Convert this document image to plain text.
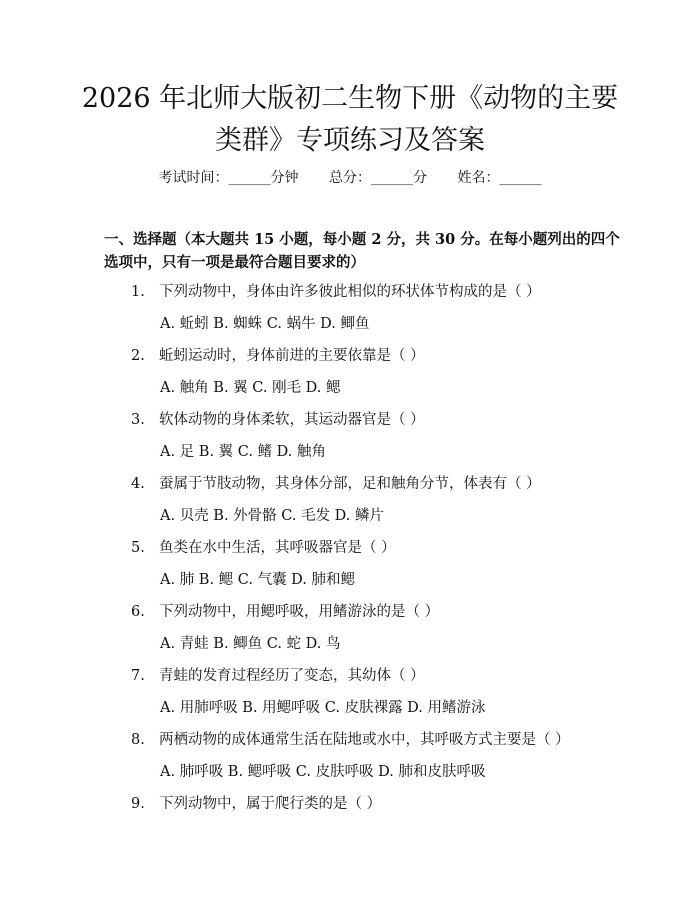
2026 年北师大版初二生物下册《动物的主要
类群》专项练习及答案
考试时间：______分钟 总分：______分 姓名：______
一、选择题（本大题共 15 小题，每小题 2 分，共 30 分。在每小题列出的四个选项中，只有一项是最符合题目要求的）
1. 下列动物中，身体由许多彼此相似的环状体节构成的是（ ）
A. 蚯蚓 B. 蜘蛛 C. 蜗牛 D. 鲫鱼
2. 蚯蚓运动时，身体前进的主要依靠是（ ）
A. 触角 B. 翼 C. 刚毛 D. 鳃
3. 软体动物的身体柔软，其运动器官是（ ）
A. 足 B. 翼 C. 鳍 D. 触角
4. 蚕属于节肢动物，其身体分部，足和触角分节，体表有（ ）
A. 贝壳 B. 外骨骼 C. 毛发 D. 鳞片
5. 鱼类在水中生活，其呼吸器官是（ ）
A. 肺 B. 鳃 C. 气囊 D. 肺和鳃
6. 下列动物中，用鳃呼吸，用鳍游泳的是（ ）
A. 青蛙 B. 鲫鱼 C. 蛇 D. 鸟
7. 青蛙的发育过程经历了变态，其幼体（ ）
A. 用肺呼吸 B. 用鳃呼吸 C. 皮肤裸露 D. 用鳍游泳
8. 两栖动物的成体通常生活在陆地或水中，其呼吸方式主要是（ ）
A. 肺呼吸 B. 鳃呼吸 C. 皮肤呼吸 D. 肺和皮肤呼吸
9. 下列动物中，属于爬行类的是（ ）
